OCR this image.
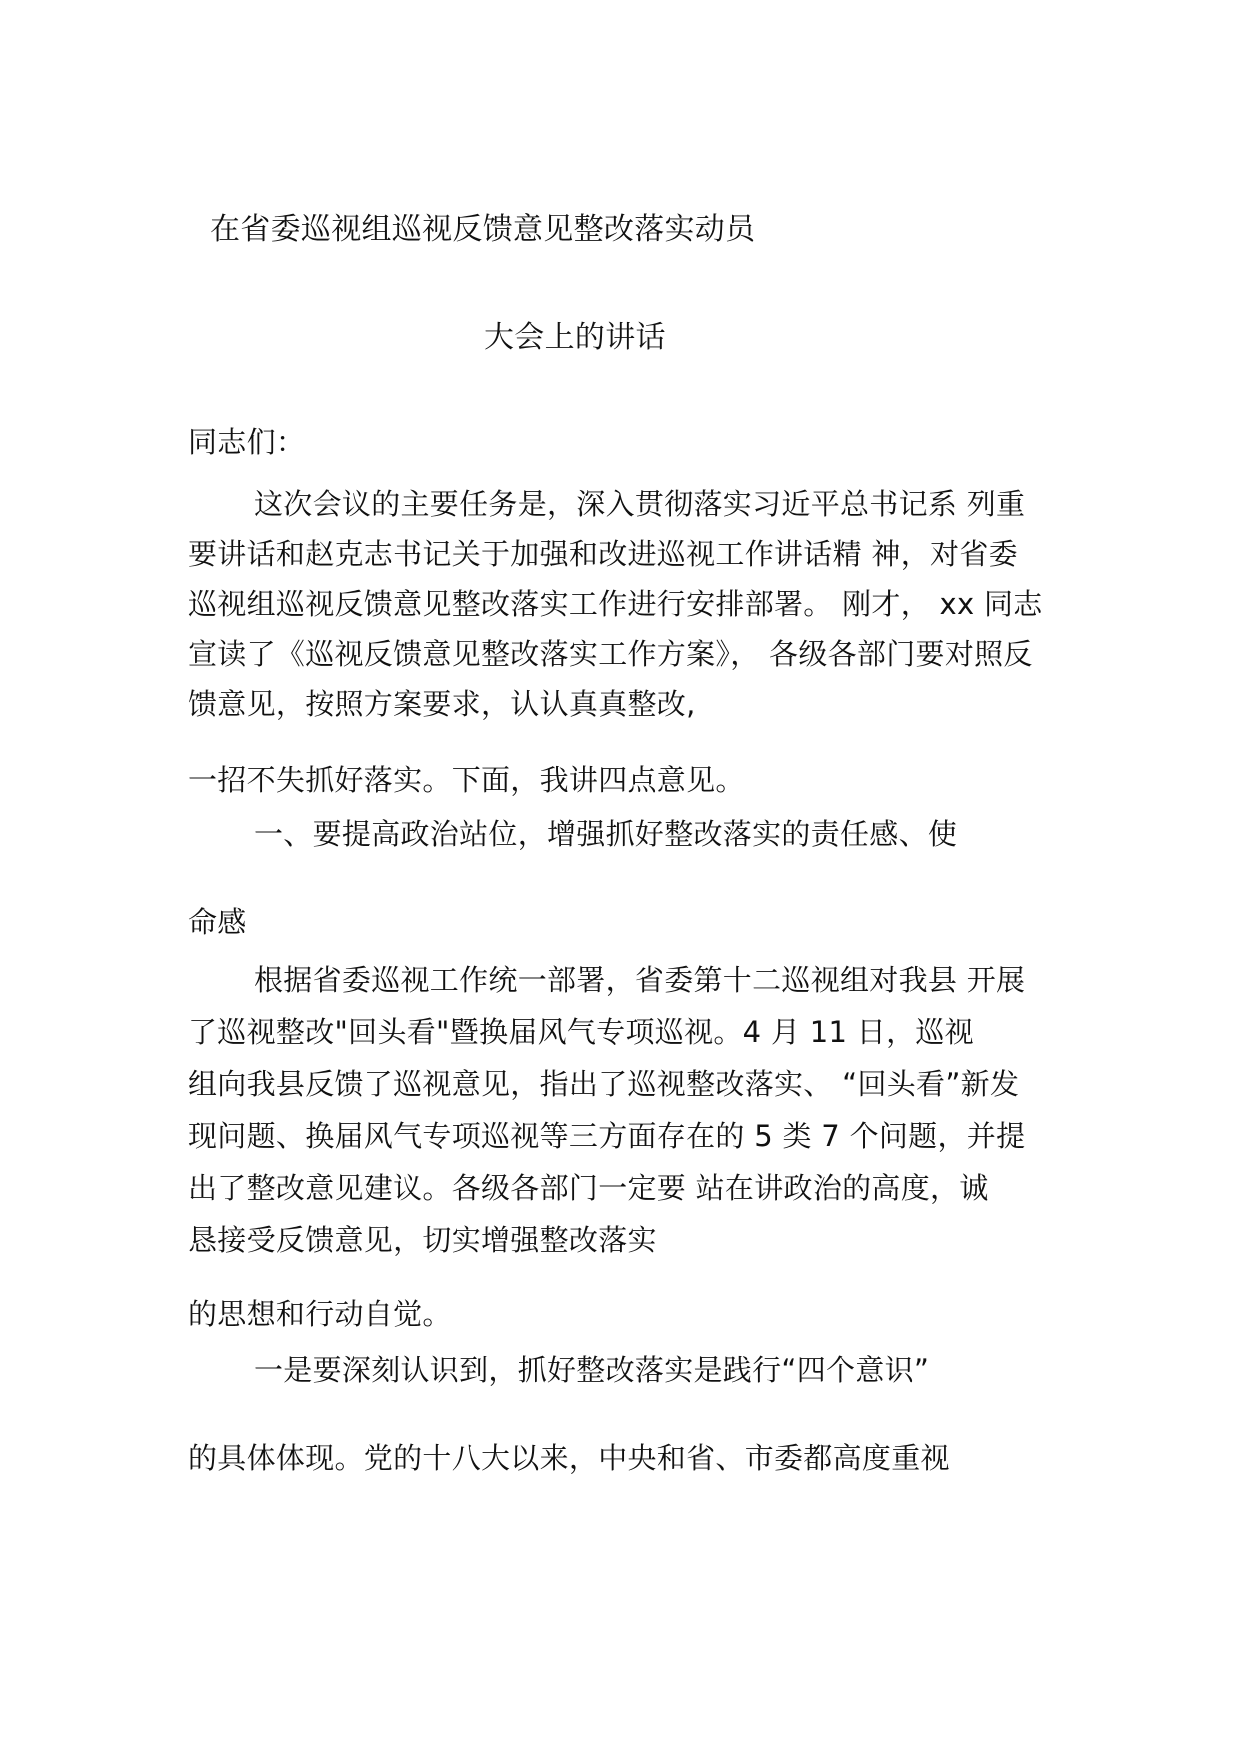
在省委巡视组巡视反馈意见整改落实动员
大会上的讲话
同志们：
这次会议的主要任务是，深入贯彻落实习近平总书记系 列重
要讲话和赵克志书记关于加强和改进巡视工作讲话精 神，对省委
巡视组巡视反馈意见整改落实工作进行安排部署。 刚才， xx 同志
宣读了《巡视反馈意见整改落实工作方案》， 各级各部门要对照反
馈意见，按照方案要求，认认真真整改,
一招不失抓好落实。下面，我讲四点意见。
一、要提高政治站位，增强抓好整改落实的责任感、使
命感
根据省委巡视工作统一部署，省委第十二巡视组对我县 开展
了巡视整改"回头看"暨换届风气专项巡视。4 月 11 日，巡视
组向我县反馈了巡视意见，指出了巡视整改落实、 “回头看”新发
现问题、换届风气专项巡视等三方面存在的 5 类 7 个问题，并提
出了整改意见建议。各级各部门一定要 站在讲政治的高度，诚
恳接受反馈意见，切实增强整改落实
的思想和行动自觉。
一是要深刻认识到，抓好整改落实是践行“四个意识”
的具体体现。党的十八大以来，中央和省、市委都高度重视
